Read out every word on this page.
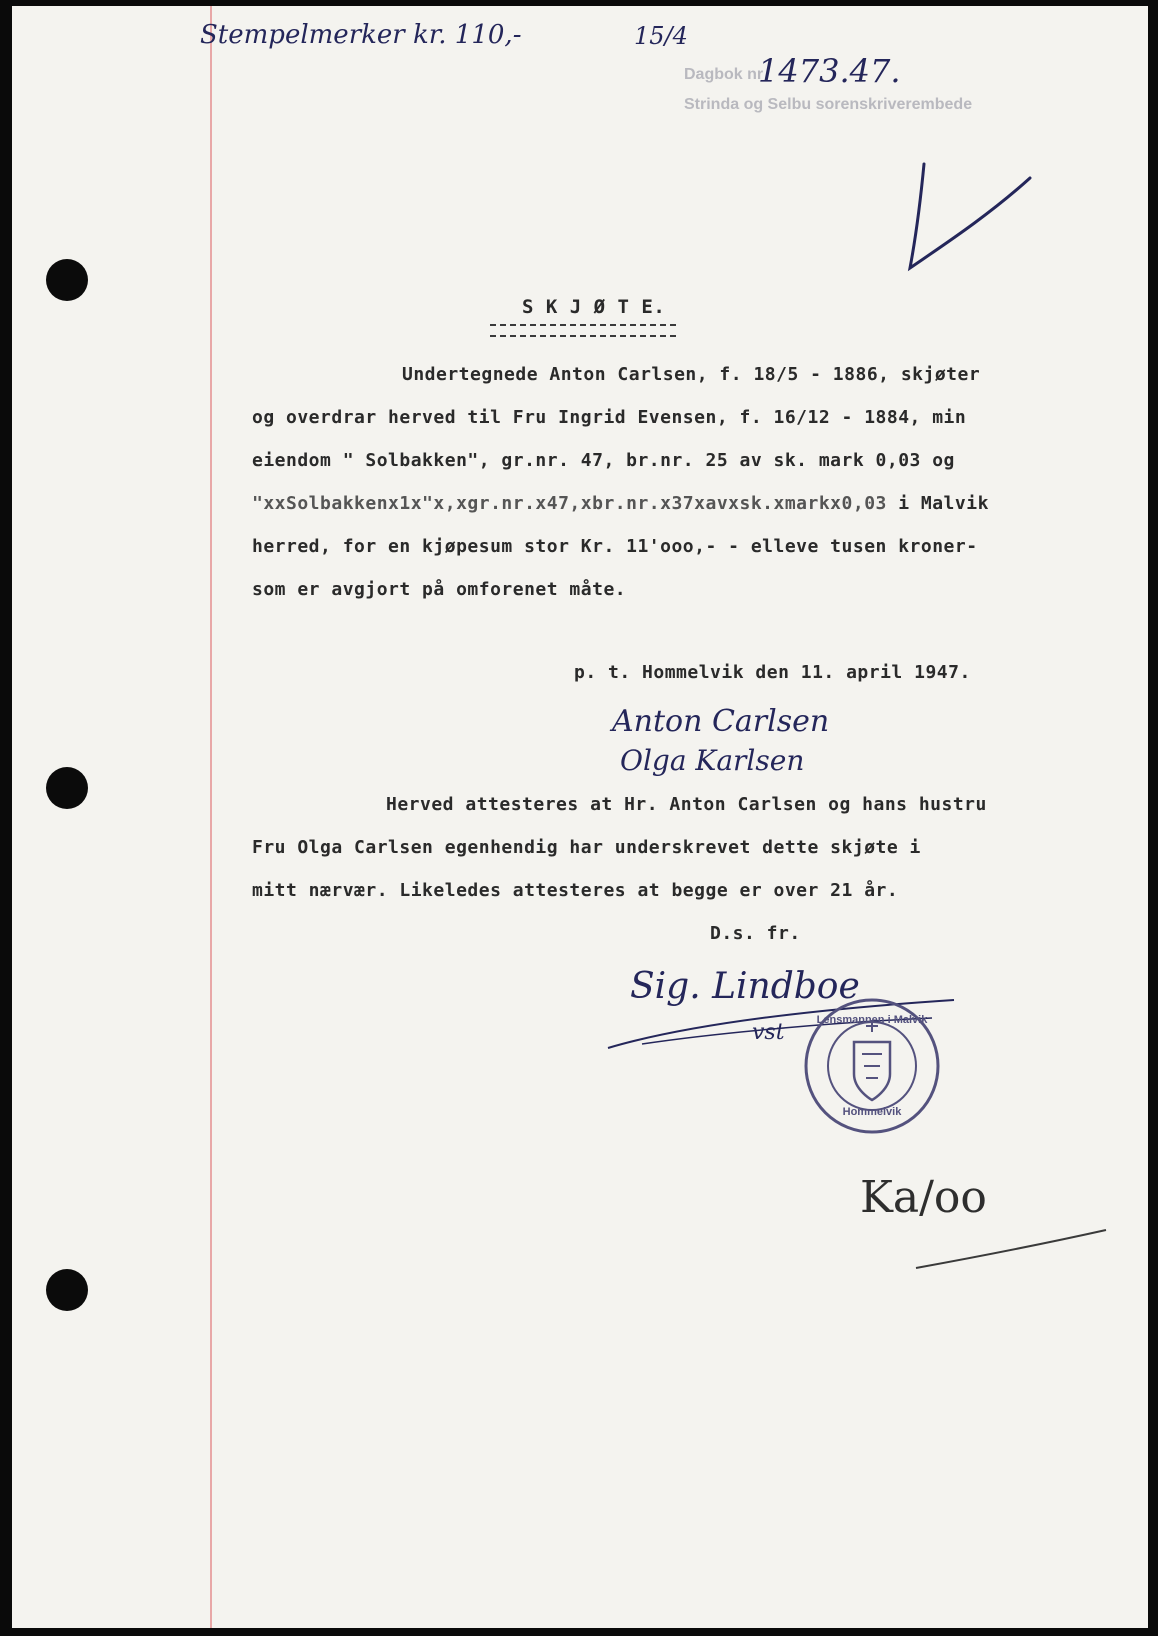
Stempelmerker kr. 110,-	15/4
Dagbok nr
1473.47.
Strinda og Selbu sorenskriverembede
S K J Ø T E.
Undertegnede Anton Carlsen, f. 18/5 - 1886, skjøter
og overdrar herved til Fru Ingrid Evensen, f. 16/12 - 1884, min
eiendom " Solbakken", gr.nr. 47, br.nr. 25 av sk. mark 0,03 og
"xxSolbakkenx1x"x,xgr.nr.x47,xbr.nr.x37xavxsk.xmarkx0,03 i Malvik
herred, for en kjøpesum stor Kr. 11'ooo,- - elleve tusen kroner-
som er avgjort på omforenet måte.
p. t. Hommelvik den 11. april 1947.
Anton Carlsen
Olga Karlsen
Herved attesteres at Hr. Anton Carlsen og hans hustru
Fru Olga Carlsen egenhendig har underskrevet dette skjøte i
mitt nærvær. Likeledes attesteres at begge er over 21 år.
D.s. fr.
Sig. Lindboe
vst	Lensmannen i Malvik
Hommelvik
Ka/oo
